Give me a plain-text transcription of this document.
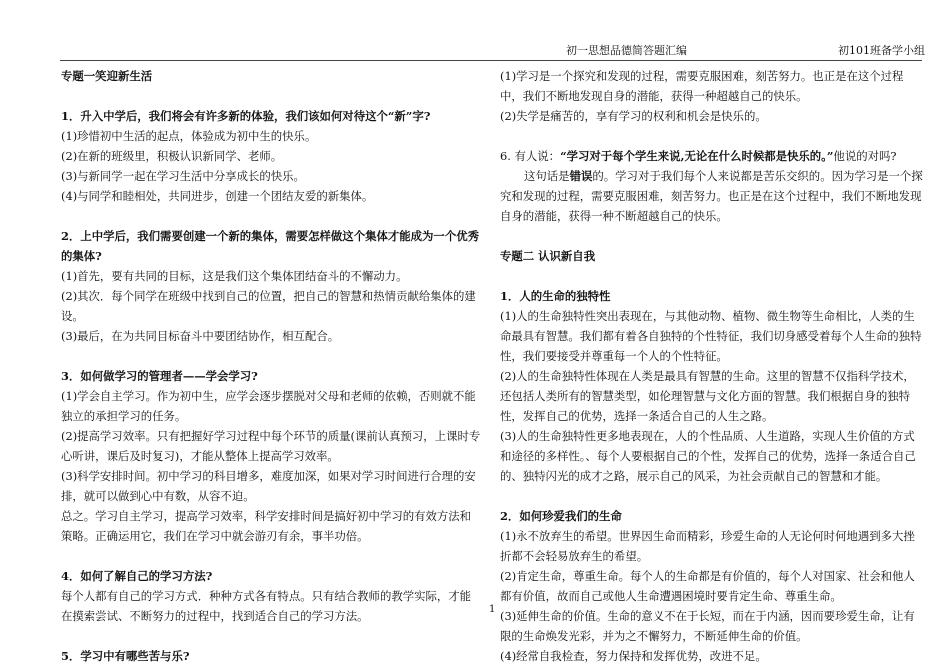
初一思想品德简答题汇编	初101班备学小组

专题一笑迎新生活

1．升入中学后，我们将会有许多新的体验，我们该如何对待这个“新”字?

(1)珍惜初中生活的起点，体验成为初中生的快乐。

(2)在新的班级里，积极认识新同学、老师。

(3)与新同学一起在学习生活中分享成长的快乐。

(4)与同学和睦相处，共同进步，创建一个团结友爱的新集体。

2．上中学后，我们需要创建一个新的集体，需要怎样做这个集体才能成为一个优秀的集体?

(1)首先，要有共同的目标，这是我们这个集体团结奋斗的不懈动力。

(2)其次．每个同学在班级中找到自己的位置，把自己的智慧和热情贡献给集体的建设。

(3)最后，在为共同目标奋斗中要团结协作，相互配合。

3．如何做学习的管理者——学会学习?

(1)学会自主学习。作为初中生，应学会逐步摆脱对父母和老师的依赖，否则就不能独立的承担学习的任务。

(2)提高学习效率。只有把握好学习过程中每个环节的质量(课前认真预习，上课时专心听讲，课后及时复习)，才能从整体上提高学习效率。

(3)科学安排时间。初中学习的科目增多，难度加深，如果对学习时间进行合理的安排，就可以做到心中有数，从容不迫。

总之。学习自主学习，提高学习效率，科学安排时间是搞好初中学习的有效方法和策略。正确运用它，我们在学习中就会游刃有余，事半功倍。

4．如何了解自己的学习方法?

每个人都有自己的学习方式．种种方式各有特点。只有结合教师的教学实际，才能在摸索尝试、不断努力的过程中，找到适合自己的学习方法。

5．学习中有哪些苦与乐?

(1)学习是一个探究和发现的过程，需要克服困难，刻苦努力。也正是在这个过程中，我们不断地发现自身的潜能，获得一种超越自己的快乐。

(2)失学是痛苦的，享有学习的权利和机会是快乐的。

6. 有人说：“学习对于每个学生来说,无论在什么时候都是快乐的。”他说的对吗?

这句话是错误的。学习对于我们每个人来说都是苦乐交织的。因为学习是一个探究和发现的过程，需要克服困难，刻苦努力。也正是在这个过程中，我们不断地发现自身的潜能，获得一种不断超越自己的快乐。

专题二 认识新自我

1．人的生命的独特性

(1)人的生命独特性突出表现在，与其他动物、植物、微生物等生命相比，人类的生命最具有智慧。我们都有着各自独特的个性特征，我们切身感受着每个人生命的独特性，我们要接受并尊重每一个人的个性特征。

(2)人的生命独特性体现在人类是最具有智慧的生命。这里的智慧不仅指科学技术，还包括人类所有的智慧类型，如伦理智慧与文化方面的智慧。我们根据自身的独特性，发挥自己的优势，选择一条适合自己的人生之路。

(3)人的生命独特性更多地表现在，人的个性品质、人生道路，实现人生价值的方式和途径的多样性。、每个人要根据自己的个性，发挥自己的优势，选择一条适合自己的、独特闪光的成才之路，展示自己的风采，为社会贡献自己的智慧和才能。

2．如何珍爱我们的生命

(1)永不放弃生的希望。世界因生命而精彩，珍爱生命的人无论何时何地遇到多大挫折都不会轻易放弃生的希望。

(2)肯定生命，尊重生命。每个人的生命都是有价值的，每个人对国家、社会和他人都有价值，故而自己或他人生命遭遇困境时要肯定生命、尊重生命。

(3)延伸生命的价值。生命的意义不在于长短，而在于内涵，因而要珍爱生命，让有限的生命焕发光彩，并为之不懈努力，不断延伸生命的价值。

(4)经常自我检查，努力保持和发挥优势，改进不足。

1
